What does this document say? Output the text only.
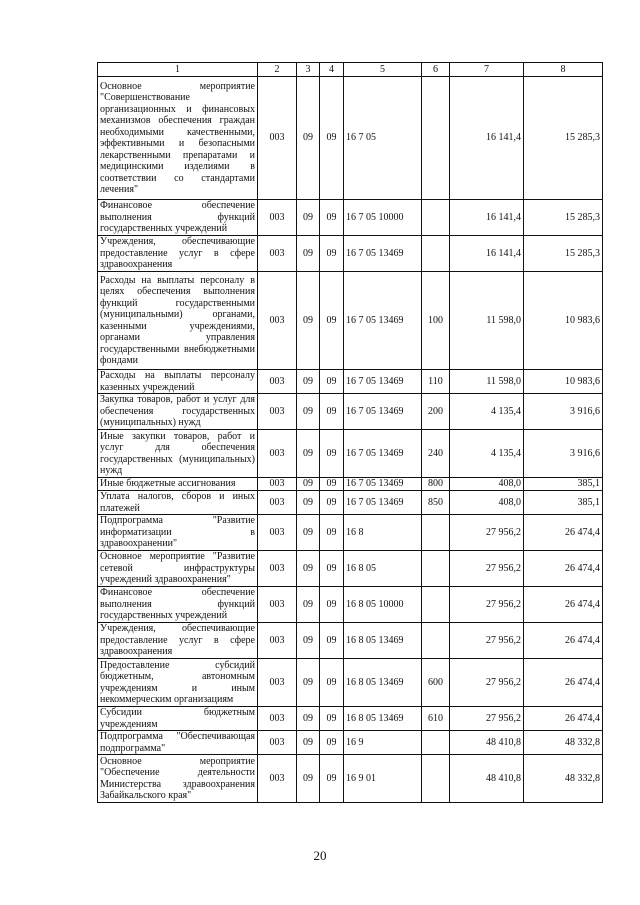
1	2	3	4	5	6	7	8
Основное мероприятие "Совершенствование организационных и финансовых механизмов обеспечения граждан необходимыми качественными, эффективными и безопасными лекарственными препаратами и медицинскими изделиями в соответствии со стандартами лечения"	003	09	09	16 7 05		16 141,4	15 285,3
Финансовое обеспечение выполнения функций государственных учреждений	003	09	09	16 7 05 10000		16 141,4	15 285,3
Учреждения, обеспечивающие предоставление услуг в сфере здравоохранения	003	09	09	16 7 05 13469		16 141,4	15 285,3
Расходы на выплаты персоналу в целях обеспечения выполнения функций государственными (муниципальными) органами, казенными учреждениями, органами управления государственными внебюджетными фондами	003	09	09	16 7 05 13469	100	11 598,0	10 983,6
Расходы на выплаты персоналу казенных учреждений	003	09	09	16 7 05 13469	110	11 598,0	10 983,6
Закупка товаров, работ и услуг для обеспечения государственных (муниципальных) нужд	003	09	09	16 7 05 13469	200	4 135,4	3 916,6
Иные закупки товаров, работ и услуг для обеспечения государственных (муниципальных) нужд	003	09	09	16 7 05 13469	240	4 135,4	3 916,6
Иные бюджетные ассигнования	003	09	09	16 7 05 13469	800	408,0	385,1
Уплата налогов, сборов и иных платежей	003	09	09	16 7 05 13469	850	408,0	385,1
Подпрограмма "Развитие информатизации в здравоохранении"	003	09	09	16 8		27 956,2	26 474,4
Основное мероприятие "Развитие сетевой инфраструктуры учреждений здравоохранения"	003	09	09	16 8 05		27 956,2	26 474,4
Финансовое обеспечение выполнения функций государственных учреждений	003	09	09	16 8 05 10000		27 956,2	26 474,4
Учреждения, обеспечивающие предоставление услуг в сфере здравоохранения	003	09	09	16 8 05 13469		27 956,2	26 474,4
Предоставление субсидий бюджетным, автономным учреждениям и иным некоммерческим организациям	003	09	09	16 8 05 13469	600	27 956,2	26 474,4
Субсидии бюджетным учреждениям	003	09	09	16 8 05 13469	610	27 956,2	26 474,4
Подпрограмма "Обеспечивающая подпрограмма"	003	09	09	16 9		48 410,8	48 332,8
Основное мероприятие "Обеспечение деятельности Министерства здравоохранения Забайкальского края"	003	09	09	16 9 01		48 410,8	48 332,8
20
